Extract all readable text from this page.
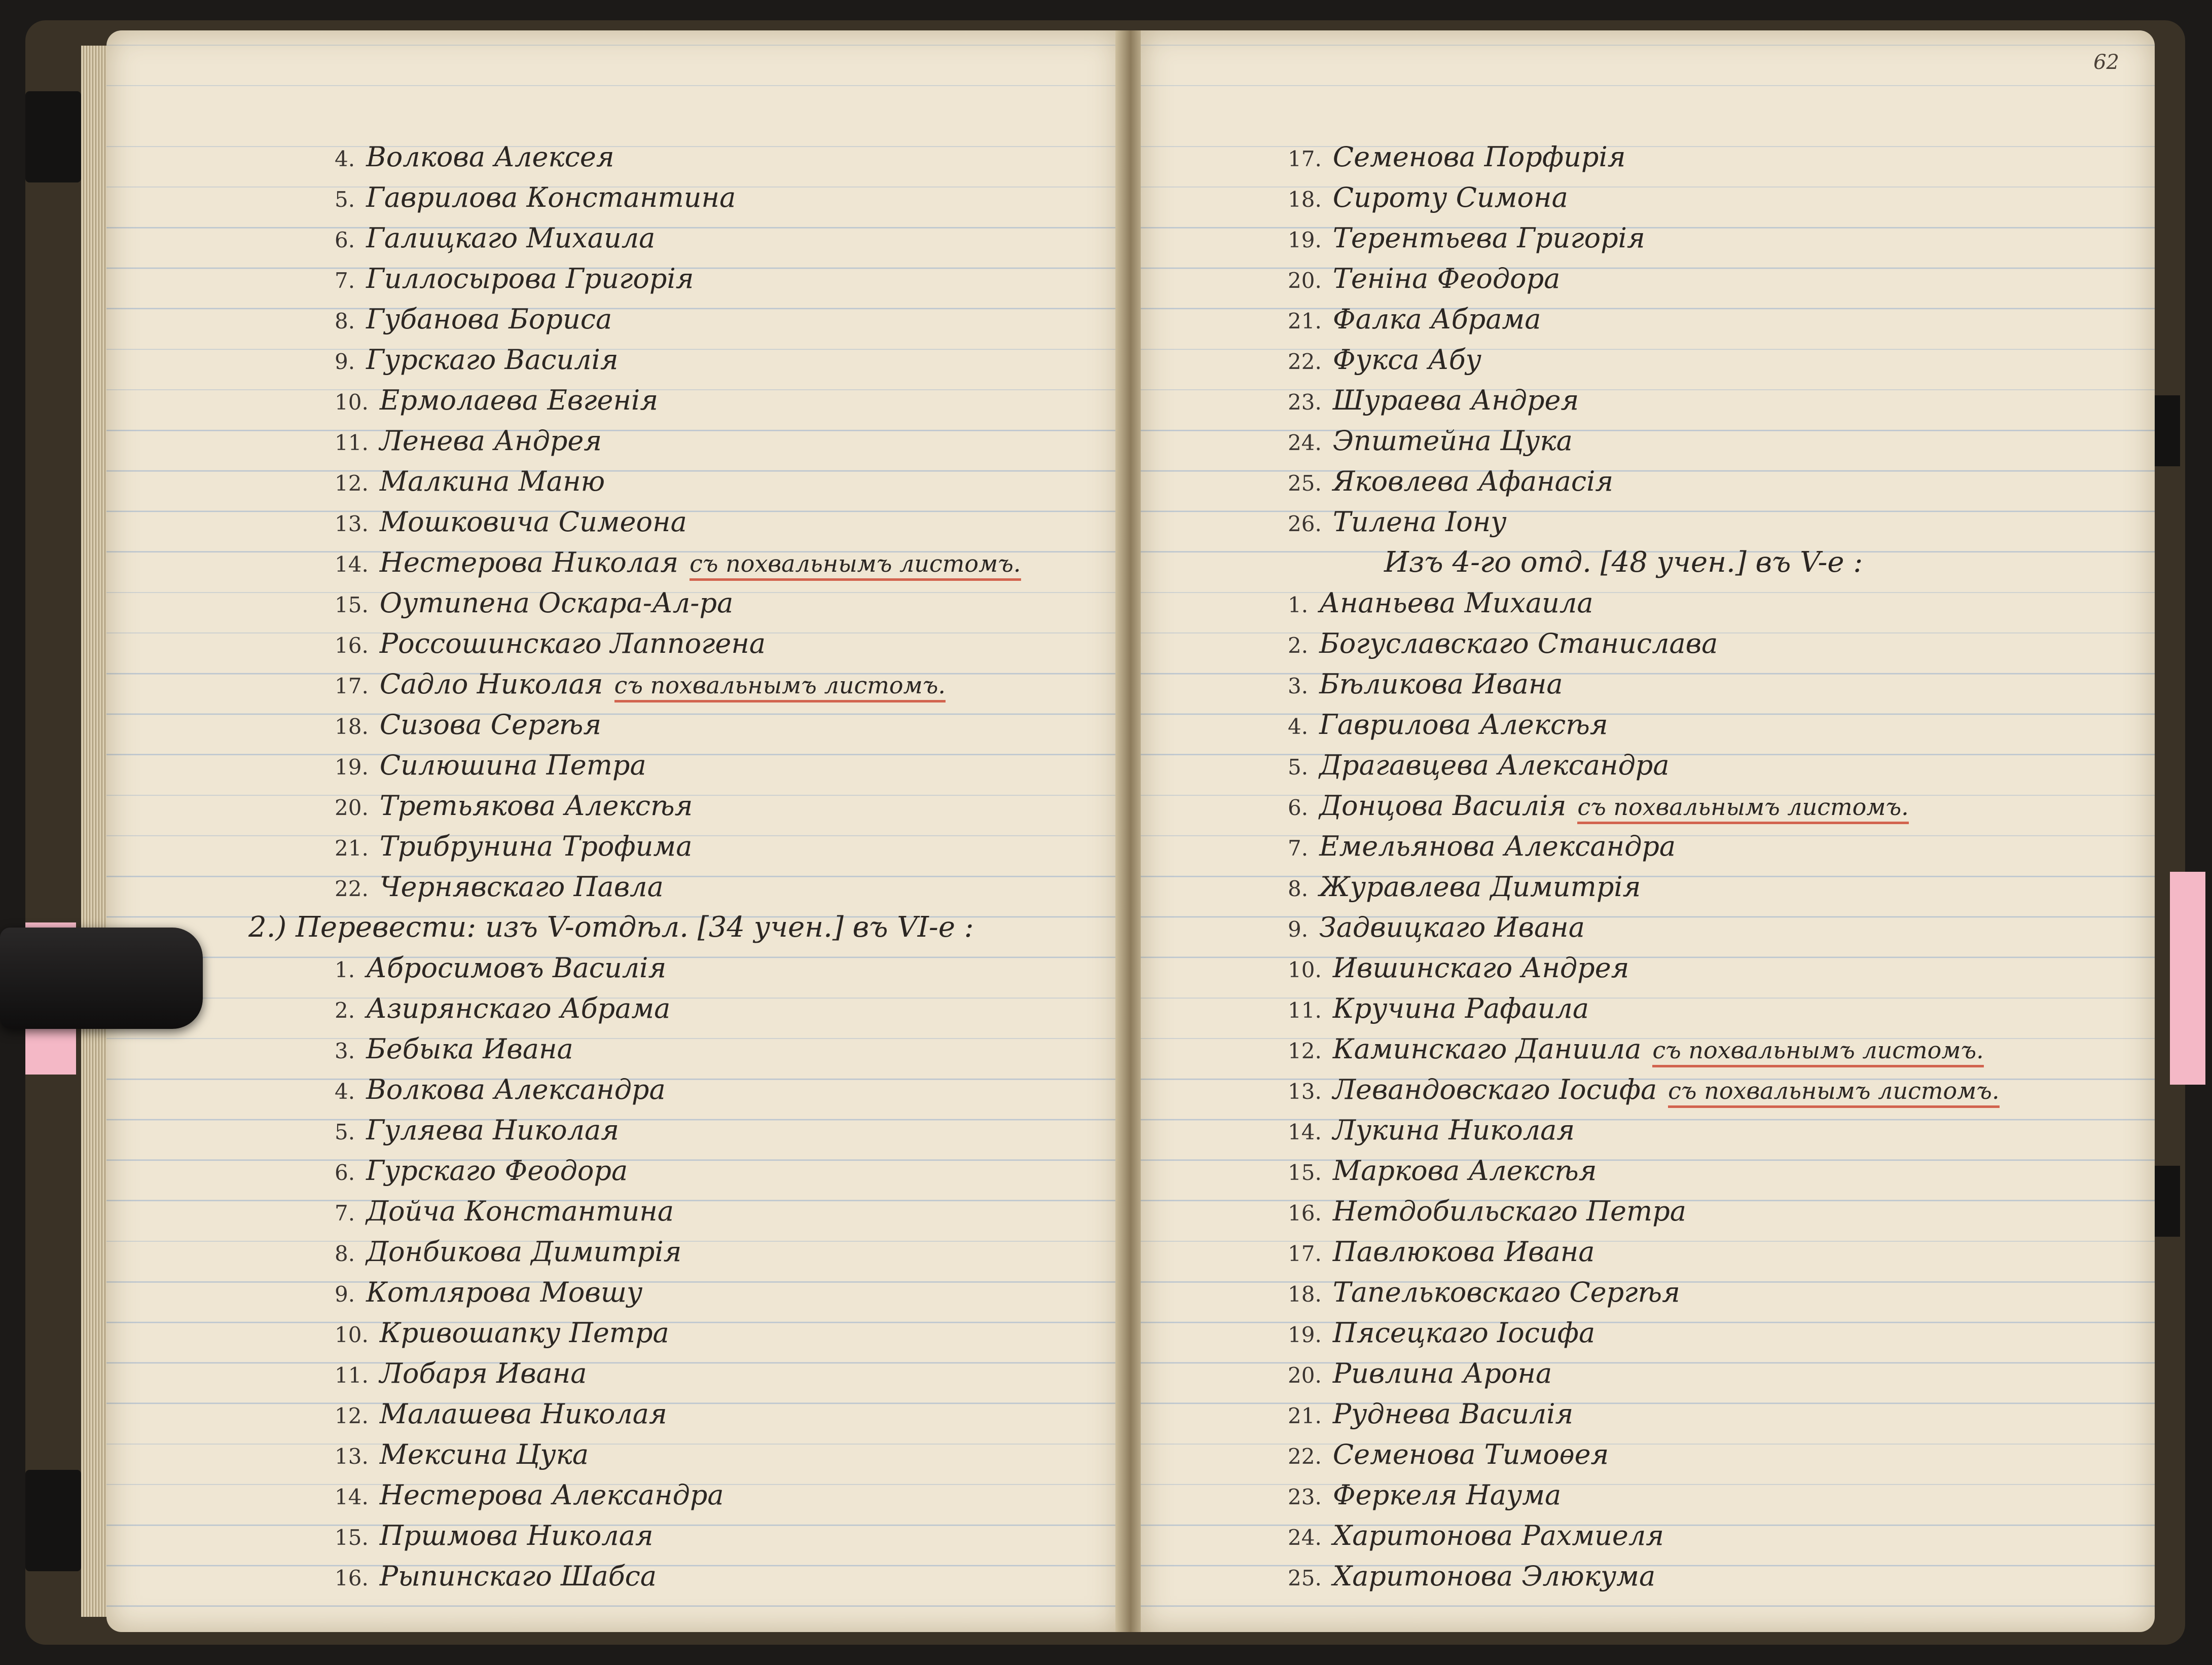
4. Волкова Алексея
5. Гаврилова Константина
6. Галицкаго Михаила
7. Гиллосырова Григорія
8. Губанова Бориса
9. Гурскаго Василія
10. Ермолаева Евгенія
11. Ленева Андрея
12. Малкина Маню
13. Мошковича Симеона
14. Нестерова Николая съ похвальнымъ листомъ.
15. Оутипена Оскара-Ал-ра
16. Россошинскаго Лаппогена
17. Садло Николая съ похвальнымъ листомъ.
18. Сизова Сергѣя
19. Силюшина Петра
20. Третьякова Алексѣя
21. Трибрунина Трофима
22. Чернявскаго Павла
2.) Перевести: изъ V-отдѣл. [34 учен.] въ VI-е :
1. Абросимовъ Василія
2. Азирянскаго Абрама
3. Бебыка Ивана
4. Волкова Александра
5. Гуляева Николая
6. Гурскаго Феодора
7. Дойча Константина
8. Донбикова Димитрія
9. Котлярова Мовшу
10. Кривошапку Петра
11. Лобаря Ивана
12. Малашева Николая
13. Мексина Цука
14. Нестерова Александра
15. Пршмова Николая
16. Рыпинскаго Шабса
62
17. Семенова Порфирія
18. Сироту Симона
19. Терентьева Григорія
20. Теніна Феодора
21. Фалка Абрама
22. Фукса Абу
23. Шураева Андрея
24. Эпштейна Цука
25. Яковлева Афанасія
26. Тилена Іону
Изъ 4-го отд. [48 учен.] въ V-е :
1. Ананьева Михаила
2. Богуславскаго Станислава
3. Бѣликова Ивана
4. Гаврилова Алексѣя
5. Драгавцева Александра
6. Донцова Василія съ похвальнымъ листомъ.
7. Емельянова Александра
8. Журавлева Димитрія
9. Задвицкаго Ивана
10. Ившинскаго Андрея
11. Кручина Рафаила
12. Каминскаго Даниила съ похвальнымъ листомъ.
13. Левандовскаго Іосифа съ похвальнымъ листомъ.
14. Лукина Николая
15. Маркова Алексѣя
16. Нетдобильскаго Петра
17. Павлюкова Ивана
18. Тапельковскаго Сергѣя
19. Пясецкаго Іосифа
20. Ривлина Арона
21. Руднева Василія
22. Семенова Тимоѳея
23. Феркеля Наума
24. Харитонова Рахмиеля
25. Харитонова Элюкума
